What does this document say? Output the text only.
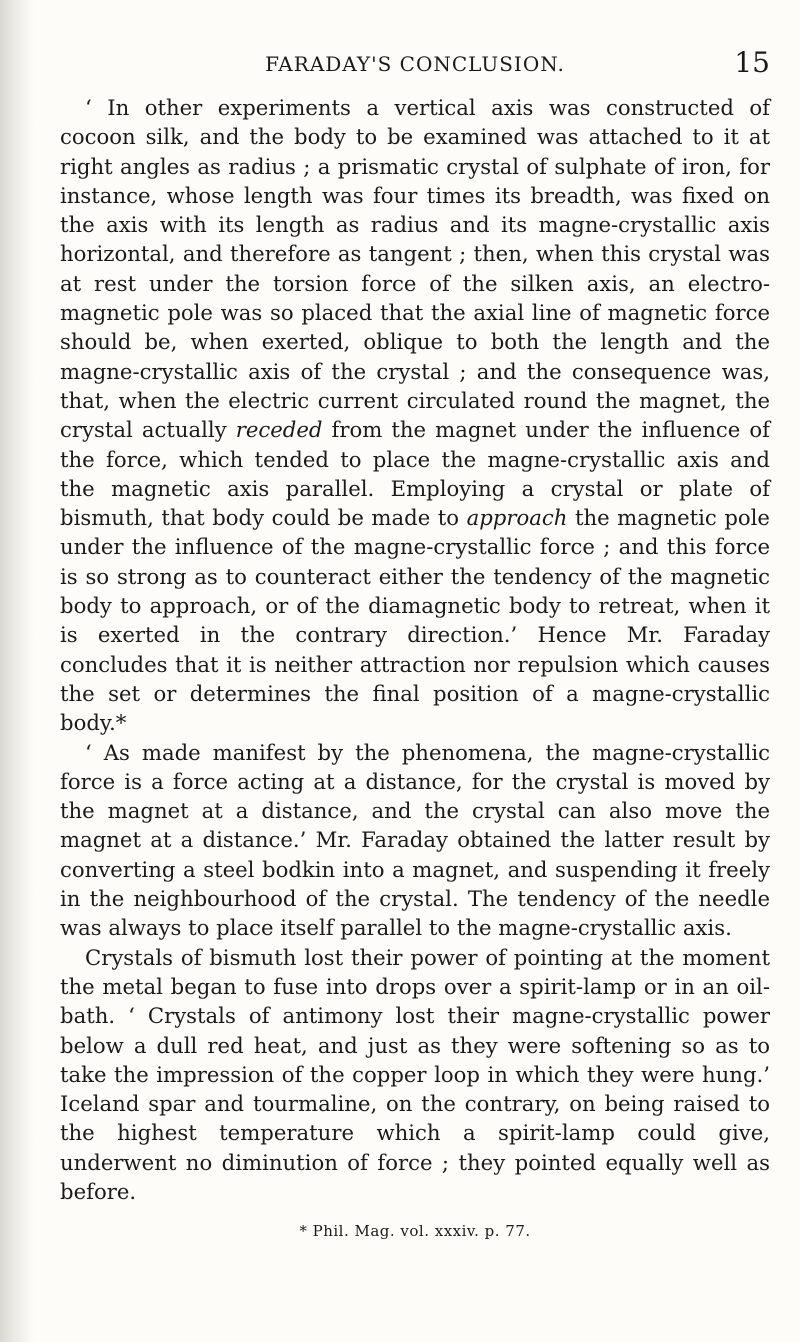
FARADAY'S CONCLUSION.	15

‘ In other experiments a vertical axis was constructed of cocoon silk, and the body to be examined was attached to it at right angles as radius ; a prismatic crystal of sulphate of iron, for instance, whose length was four times its breadth, was fixed on the axis with its length as radius and its magne-crystallic axis horizontal, and therefore as tangent ; then, when this crystal was at rest under the torsion force of the silken axis, an electro-magnetic pole was so placed that the axial line of magnetic force should be, when exerted, oblique to both the length and the magne-crystallic axis of the crystal ; and the consequence was, that, when the electric current circulated round the magnet, the crystal actually receded from the magnet under the influence of the force, which tended to place the magne-crystallic axis and the magnetic axis parallel. Employing a crystal or plate of bismuth, that body could be made to approach the magnetic pole under the influence of the magne-crystallic force ; and this force is so strong as to counteract either the tendency of the magnetic body to approach, or of the diamagnetic body to retreat, when it is exerted in the contrary direction.’ Hence Mr. Faraday concludes that it is neither attraction nor repulsion which causes the set or determines the final position of a magne-crystallic body.*

‘ As made manifest by the phenomena, the magne-crystallic force is a force acting at a distance, for the crystal is moved by the magnet at a distance, and the crystal can also move the magnet at a distance.’ Mr. Faraday obtained the latter result by converting a steel bodkin into a magnet, and suspending it freely in the neighbourhood of the crystal. The tendency of the needle was always to place itself parallel to the magne-crystallic axis.

Crystals of bismuth lost their power of pointing at the moment the metal began to fuse into drops over a spirit-lamp or in an oil-bath. ‘ Crystals of antimony lost their magne-crystallic power below a dull red heat, and just as they were softening so as to take the impression of the copper loop in which they were hung.’ Iceland spar and tourmaline, on the contrary, on being raised to the highest temperature which a spirit-lamp could give, underwent no diminution of force ; they pointed equally well as before.

* Phil. Mag. vol. xxxiv. p. 77.
